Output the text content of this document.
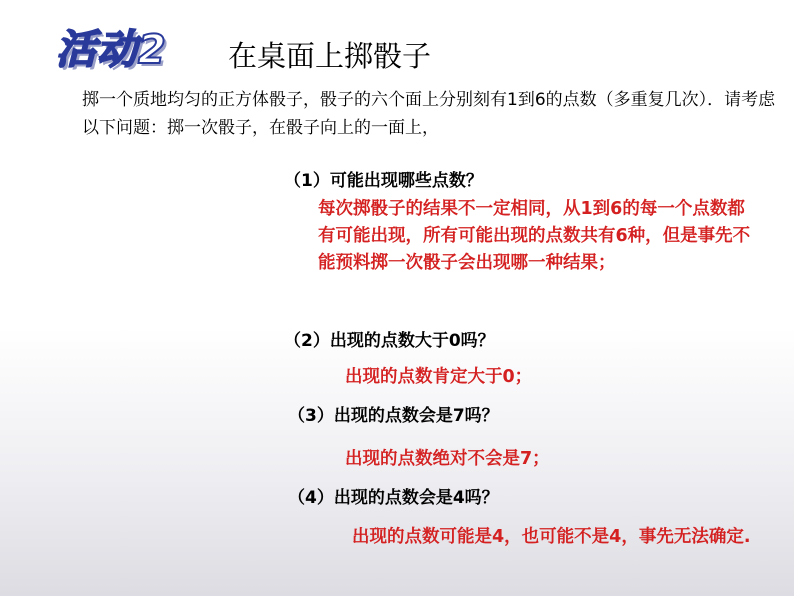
活动2 在桌面上掷骰子
掷一个质地均匀的正方体骰子，骰子的六个面上分别刻有1到6的点数（多重复几次）．请考虑以下问题：掷一次骰子，在骰子向上的一面上，
（1）可能出现哪些点数？
每次掷骰子的结果不一定相同，从1到6的每一个点数都有可能出现，所有可能出现的点数共有6种，但是事先不能预料掷一次骰子会出现哪一种结果；
（2）出现的点数大于0吗？
出现的点数肯定大于0；
（3）出现的点数会是7吗？
出现的点数绝对不会是7；
（4）出现的点数会是4吗？
出现的点数可能是4，也可能不是4，事先无法确定.
